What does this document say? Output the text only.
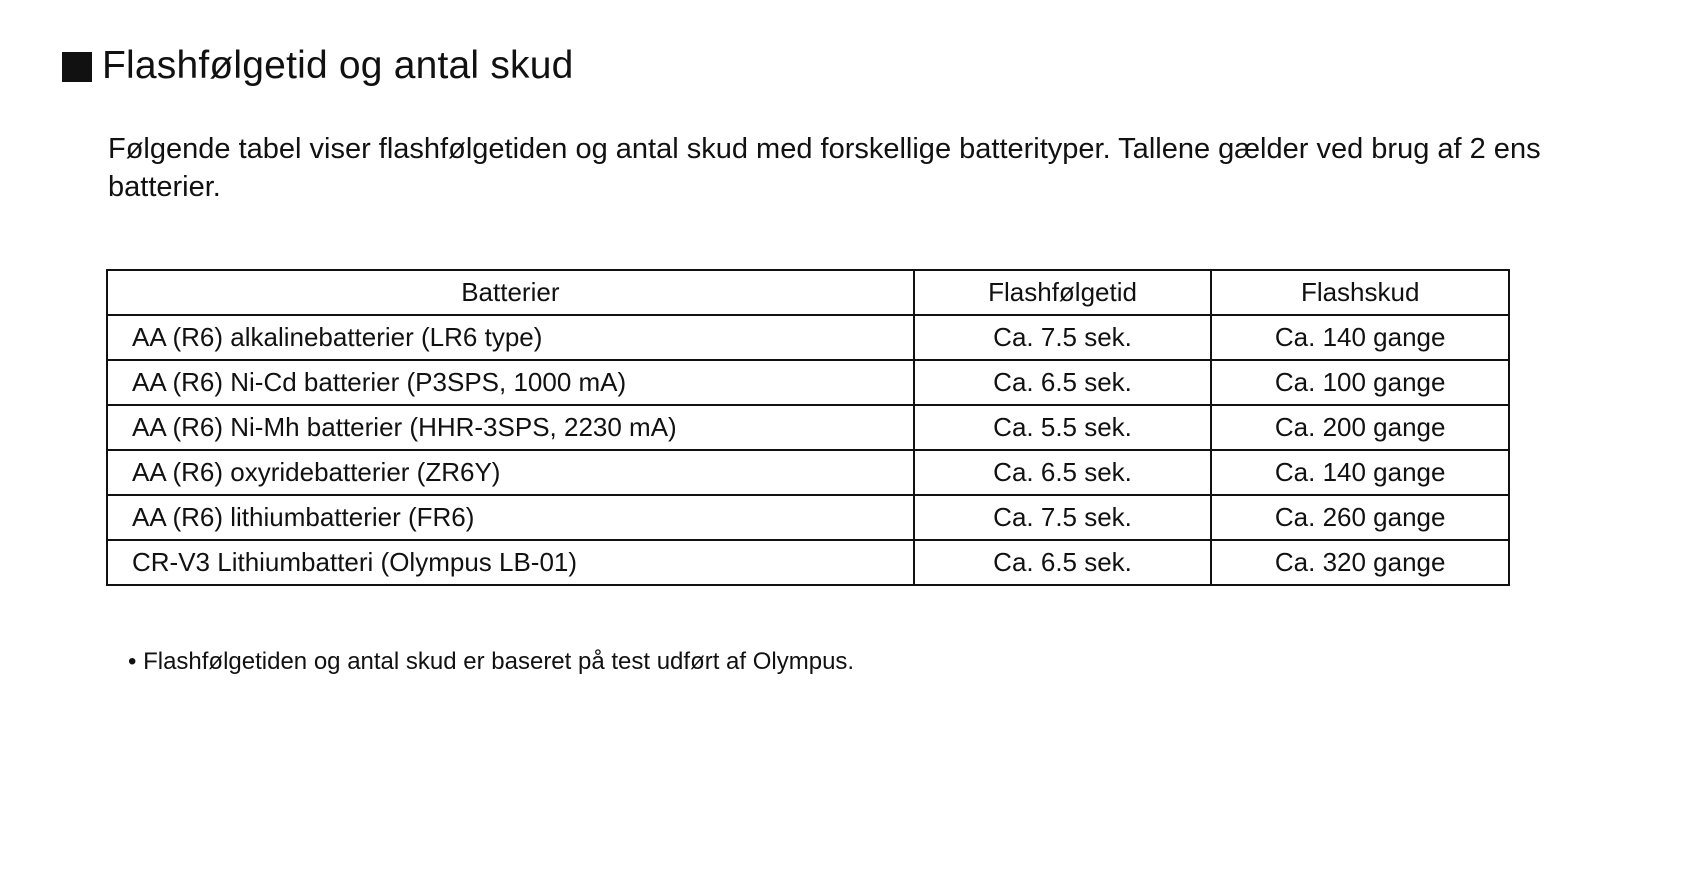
Flashfølgetid og antal skud
Følgende tabel viser flashfølgetiden og antal skud med forskellige batterityper. Tallene gælder ved brug af 2 ens batterier.
Batterier	Flashfølgetid	Flashskud
AA (R6) alkalinebatterier (LR6 type)	Ca. 7.5 sek.	Ca. 140 gange
AA (R6) Ni-Cd batterier (P3SPS, 1000 mA)	Ca. 6.5 sek.	Ca. 100 gange
AA (R6) Ni-Mh batterier (HHR-3SPS, 2230 mA)	Ca. 5.5 sek.	Ca. 200 gange
AA (R6) oxyridebatterier (ZR6Y)	Ca. 6.5 sek.	Ca. 140 gange
AA (R6) lithiumbatterier (FR6)	Ca. 7.5 sek.	Ca. 260 gange
CR-V3 Lithiumbatteri (Olympus LB-01)	Ca. 6.5 sek.	Ca. 320 gange
• Flashfølgetiden og antal skud er baseret på test udført af Olympus.
